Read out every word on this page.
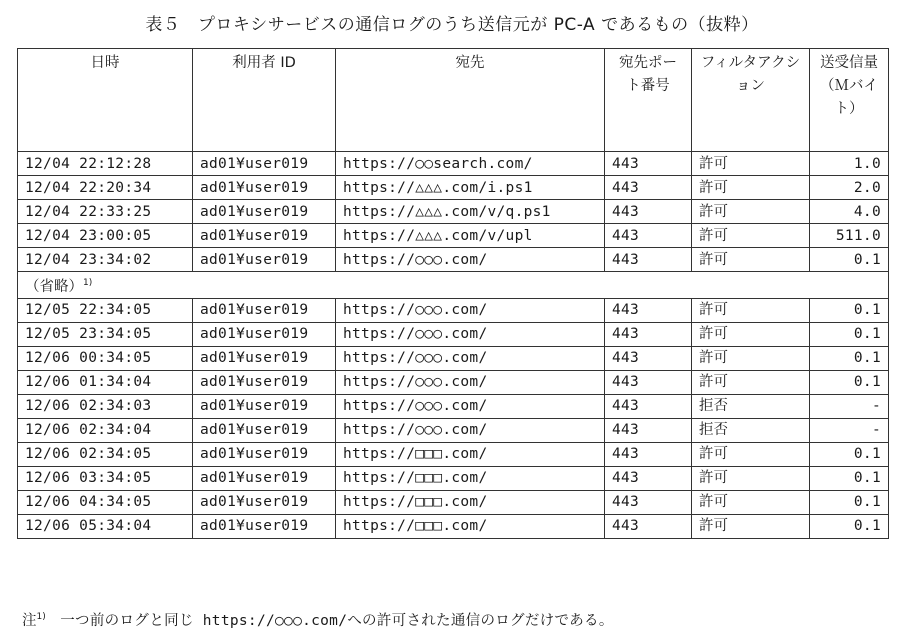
表５　プロキシサービスの通信ログのうち送信元が PC-A であるもの（抜粋）
日時	利用者 ID	宛先	宛先ポート番号	フィルタアクション	送受信量（Ｍバイト）
12/04 22:12:28	ad01¥user019	https://○○search.com/	443	許可	1.0
12/04 22:20:34	ad01¥user019	https://△△△.com/i.ps1	443	許可	2.0
12/04 22:33:25	ad01¥user019	https://△△△.com/v/q.ps1	443	許可	4.0
12/04 23:00:05	ad01¥user019	https://△△△.com/v/upl	443	許可	511.0
12/04 23:34:02	ad01¥user019	https://○○○.com/	443	許可	0.1
（省略）$^{1)}$
12/05 22:34:05	ad01¥user019	https://○○○.com/	443	許可	0.1
12/05 23:34:05	ad01¥user019	https://○○○.com/	443	許可	0.1
12/06 00:34:05	ad01¥user019	https://○○○.com/	443	許可	0.1
12/06 01:34:04	ad01¥user019	https://○○○.com/	443	許可	0.1
12/06 02:34:03	ad01¥user019	https://○○○.com/	443	拒否	-
12/06 02:34:04	ad01¥user019	https://○○○.com/	443	拒否	-
12/06 02:34:05	ad01¥user019	https://□□□.com/	443	許可	0.1
12/06 03:34:05	ad01¥user019	https://□□□.com/	443	許可	0.1
12/06 04:34:05	ad01¥user019	https://□□□.com/	443	許可	0.1
12/06 05:34:04	ad01¥user019	https://□□□.com/	443	許可	0.1
注$^{1)}$　 一つ前のログと同じ https://○○○.com/への許可された通信のログだけである。
